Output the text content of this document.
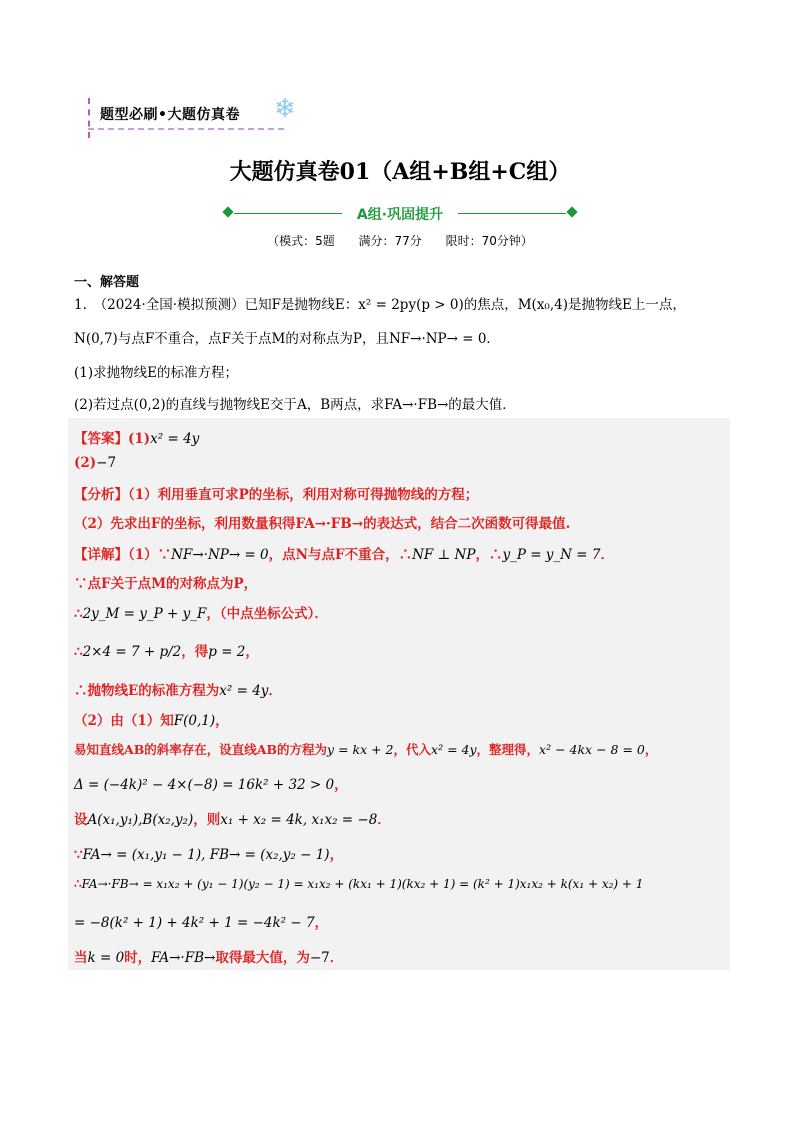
题型必刷•大题仿真卷 ❄
大题仿真卷01（A组+B组+C组）
A组·巩固提升
（模式：5题 满分：77分 限时：70分钟）
一、解答题
1.　（2024·全国·模拟预测）已知F是抛物线E：x² = 2py(p > 0)的焦点，M(x₀,4)是抛物线E上一点，
N(0,7)与点F不重合，点F关于点M的对称点为P，且NF→·NP→ = 0．
(1)求抛物线E的标准方程；
(2)若过点(0,2)的直线与抛物线E交于A，B两点，求FA→·FB→的最大值．
【答案】(1)x² = 4y
(2)−7
【分析】（1）利用垂直可求P的坐标，利用对称可得抛物线的方程；
（2）先求出F的坐标，利用数量积得FA→·FB→的表达式，结合二次函数可得最值.
【详解】（1）∵NF→·NP→ = 0，点N与点F不重合，∴NF ⊥ NP，∴y_P = y_N = 7．
∵点F关于点M的对称点为P，
∴2y_M = y_P + y_F，（中点坐标公式）．
∴2×4 = 7 + p/2，得p = 2，
∴抛物线E的标准方程为x² = 4y．
（2）由（1）知F(0,1)，
易知直线AB的斜率存在，设直线AB的方程为y = kx + 2，代入x² = 4y，整理得，x² − 4kx − 8 = 0，
Δ = (−4k)² − 4×(−8) = 16k² + 32 > 0，
设A(x₁,y₁),B(x₂,y₂)，则x₁ + x₂ = 4k, x₁x₂ = −8．
∵FA→ = (x₁,y₁ − 1), FB→ = (x₂,y₂ − 1)，
∴FA→·FB→ = x₁x₂ + (y₁ − 1)(y₂ − 1) = x₁x₂ + (kx₁ + 1)(kx₂ + 1) = (k² + 1)x₁x₂ + k(x₁ + x₂) + 1
= −8(k² + 1) + 4k² + 1 = −4k² − 7，
当k = 0时，FA→·FB→取得最大值，为−7．
